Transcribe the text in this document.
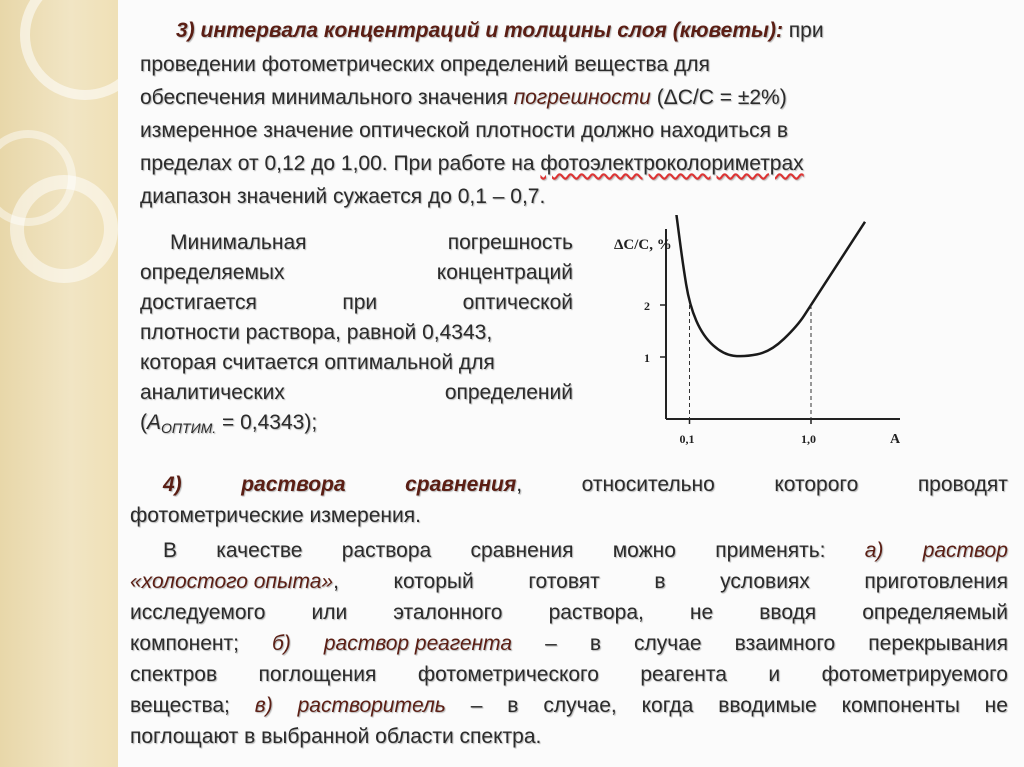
3) интервала концентраций и толщины слоя (кюветы): при
проведении фотометрических определений вещества для
обеспечения минимального значения погрешности (ΔС/С = ±2%)
измеренное значение оптической плотности должно находиться в
пределах от 0,12 до 1,00. При работе на фотоэлектроколориметрах
диапазон значений сужается до 0,1 – 0,7.
Минимальная	погрешность
определяемых	концентраций
достигается	при	оптической
плотности раствора, равной 0,4343,
которая считается оптимальной для
аналитических	определений
$(А_{ОПТИМ.} = 0,4343)$;
ΔC/C, %
A
1
2
0,1	1,0
4)	раствора	сравнения,	относительно	которого	проводят
фотометрические измерения.
В качестве раствора сравнения можно применять: а) раствор
«холостого опыта»,	который	готовят	в	условиях	приготовления
исследуемого или эталонного раствора, не вводя определяемый
компонент; б) раствор реагента – в случае взаимного перекрывания
спектров поглощения фотометрического реагента и фотометрируемого
вещества; в) растворитель – в случае, когда вводимые компоненты не
поглощают в выбранной области спектра.
